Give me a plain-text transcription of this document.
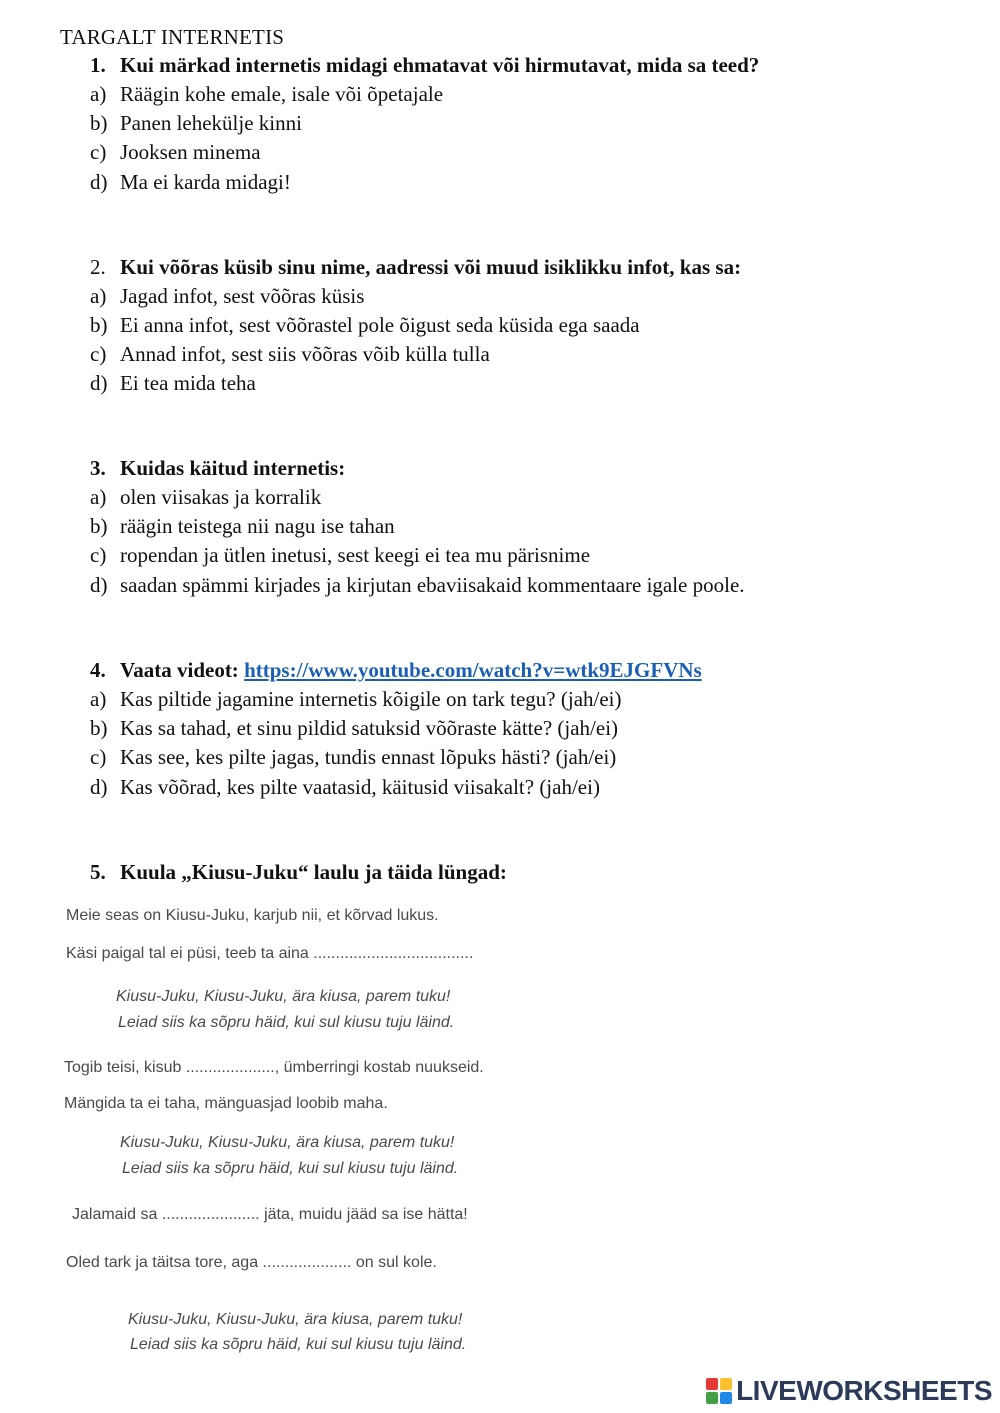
TARGALT INTERNETIS
1. Kui märkad internetis midagi ehmatavat või hirmutavat, mida sa teed?
a) Räägin kohe emale, isale või õpetajale
b) Panen lehekülje kinni
c) Jooksen minema
d) Ma ei karda midagi!
2. Kui võõras küsib sinu nime, aadressi või muud isiklikku infot, kas sa:
a) Jagad infot, sest võõras küsis
b) Ei anna infot, sest võõrastel pole õigust seda küsida ega saada
c) Annad infot, sest siis võõras võib külla tulla
d) Ei tea mida teha
3. Kuidas käitud internetis:
a) olen viisakas ja korralik
b) räägin teistega nii nagu ise tahan
c) ropendan ja ütlen inetusi, sest keegi ei tea mu pärisnime
d) saadan spämmi kirjades ja kirjutan ebaviisakaid kommentaare igale poole.
4. Vaata videot: https://www.youtube.com/watch?v=wtk9EJGFVNs
a) Kas piltide jagamine internetis kõigile on tark tegu? (jah/ei)
b) Kas sa tahad, et sinu pildid satuksid võõraste kätte? (jah/ei)
c) Kas see, kes pilte jagas, tundis ennast lõpuks hästi? (jah/ei)
d) Kas võõrad, kes pilte vaatasid, käitusid viisakalt? (jah/ei)
5. Kuula „Kiusu-Juku“ laulu ja täida lüngad:
Meie seas on Kiusu-Juku, karjub nii, et kõrvad lukus.
Käsi paigal tal ei püsi, teeb ta aina ....................................
Kiusu-Juku, Kiusu-Juku, ära kiusa, parem tuku!
Leiad siis ka sõpru häid, kui sul kiusu tuju läind.
Togib teisi, kisub ...................., ümberringi kostab nuukseid.
Mängida ta ei taha, mänguasjad loobib maha.
Kiusu-Juku, Kiusu-Juku, ära kiusa, parem tuku!
Leiad siis ka sõpru häid, kui sul kiusu tuju läind.
Jalamaid sa ...................... jäta, muidu jääd sa ise hätta!
Oled tark ja täitsa tore, aga .................... on sul kole.
Kiusu-Juku, Kiusu-Juku, ära kiusa, parem tuku!
Leiad siis ka sõpru häid, kui sul kiusu tuju läind.
LIVEWORKSHEETS
